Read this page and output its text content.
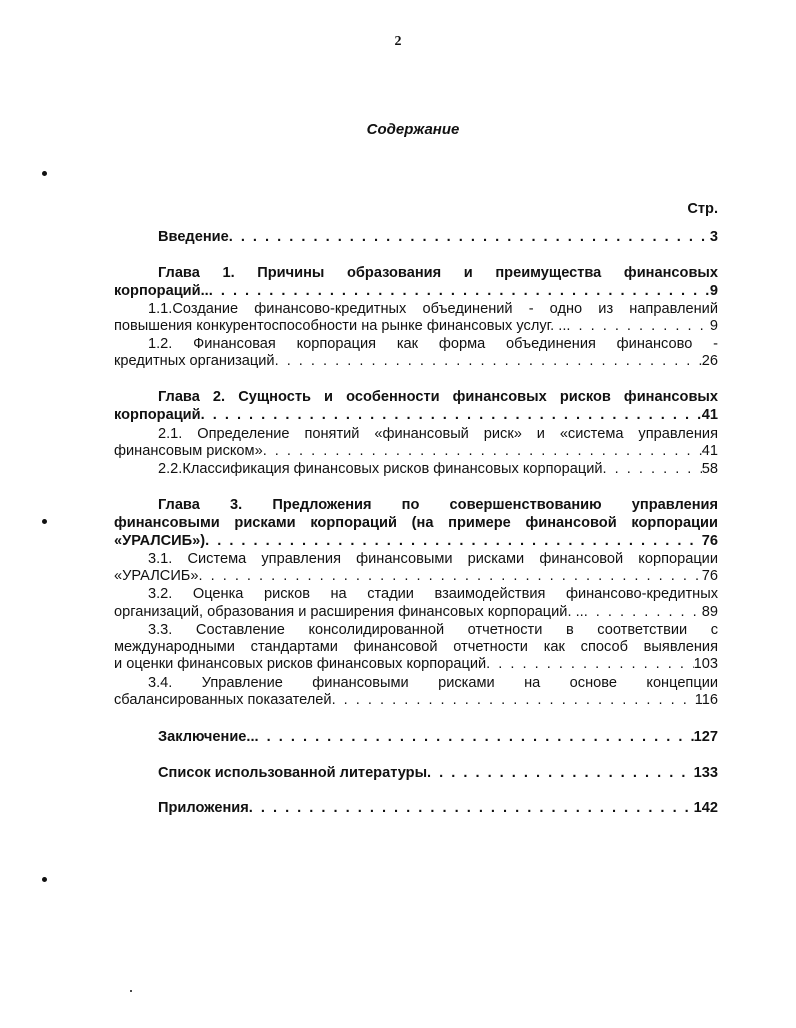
2
Содержание
Стр.
Введение . . .	3
Глава 1. Причины образования и преимущества финансовых
корпораций.. . . .	9
1.1.Создание финансово-кредитных объединений - одно из направлений
повышения конкурентоспособности на рынке финансовых услуг. .. . . .	9
1.2. Финансовая корпорация как форма объединения финансово -
кредитных организаций . . .	26
Глава 2. Сущность и особенности финансовых рисков финансовых
корпораций . . .	41
2.1. Определение понятий «финансовый риск» и «система управления
финансовым риском» . . .	41
2.2.Классификация финансовых рисков финансовых корпораций . . .	58
Глава 3. Предложения по совершенствованию управления
финансовыми рисками корпораций (на примере финансовой корпорации
«УРАЛСИБ») . . .	76
3.1. Система управления финансовыми рисками финансовой корпорации
«УРАЛСИБ» . . .	76
3.2. Оценка рисков на стадии взаимодействия финансово-кредитных
организаций, образования и расширения финансовых корпораций. .. . . .	89
3.3. Составление консолидированной отчетности в соответствии с
международными стандартами финансовой отчетности как способ выявления
и оценки финансовых рисков финансовых корпораций . . .	103
3.4. Управление финансовыми рисками на основе концепции
сбалансированных показателей . . .	116
Заключение.. . . .	127
Список использованной литературы . . .	133
Приложения . . .	142
